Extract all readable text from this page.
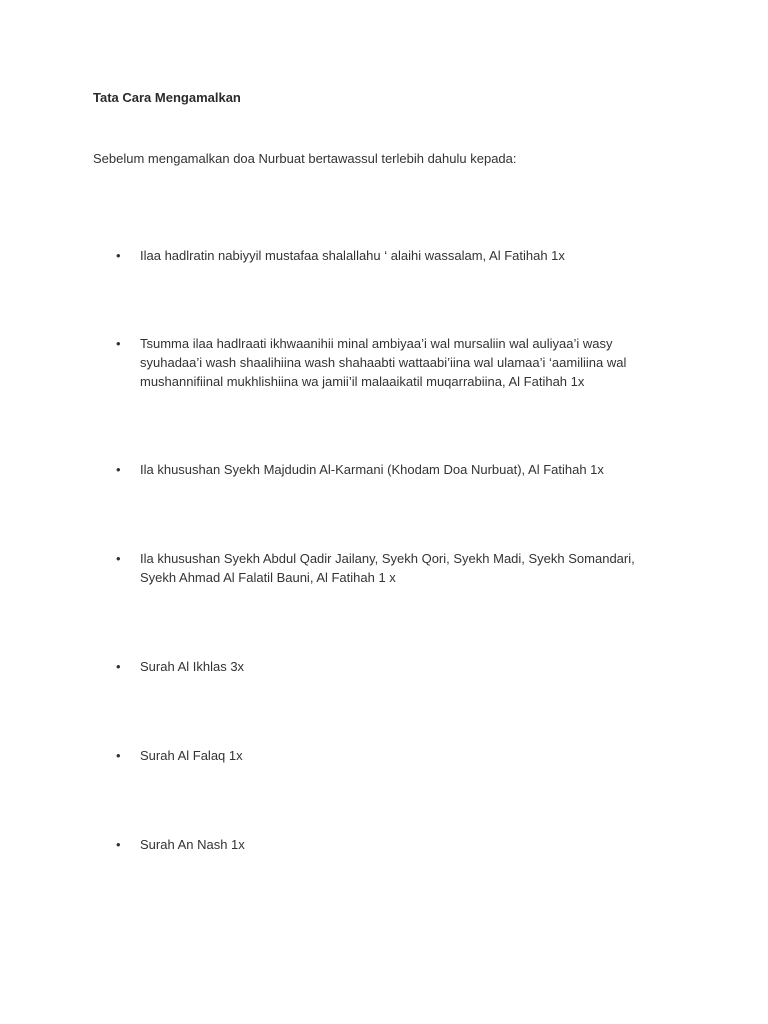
Tata Cara Mengamalkan

Sebelum mengamalkan doa Nurbuat bertawassul terlebih dahulu kepada:

•	Ilaa hadlratin nabiyyil mustafaa shalallahu ‘ alaihi wassalam, Al Fatihah 1x
•	Tsumma ilaa hadlraati ikhwaanihii minal ambiyaa’i wal mursaliin wal auliyaa’i wasy syuhadaa’i wash shaalihiina wash shahaabti wattaabi’iina wal ulamaa’i ‘aamiliina wal mushannifiinal mukhlishiina wa jamii’il malaaikatil muqarrabiina, Al Fatihah 1x
•	Ila khusushan Syekh Majdudin Al-Karmani (Khodam Doa Nurbuat), Al Fatihah 1x
•	Ila khusushan Syekh Abdul Qadir Jailany, Syekh Qori, Syekh Madi, Syekh Somandari, Syekh Ahmad Al Falatil Bauni, Al Fatihah 1 x
•	Surah Al Ikhlas 3x
•	Surah Al Falaq 1x
•	Surah An Nash 1x
